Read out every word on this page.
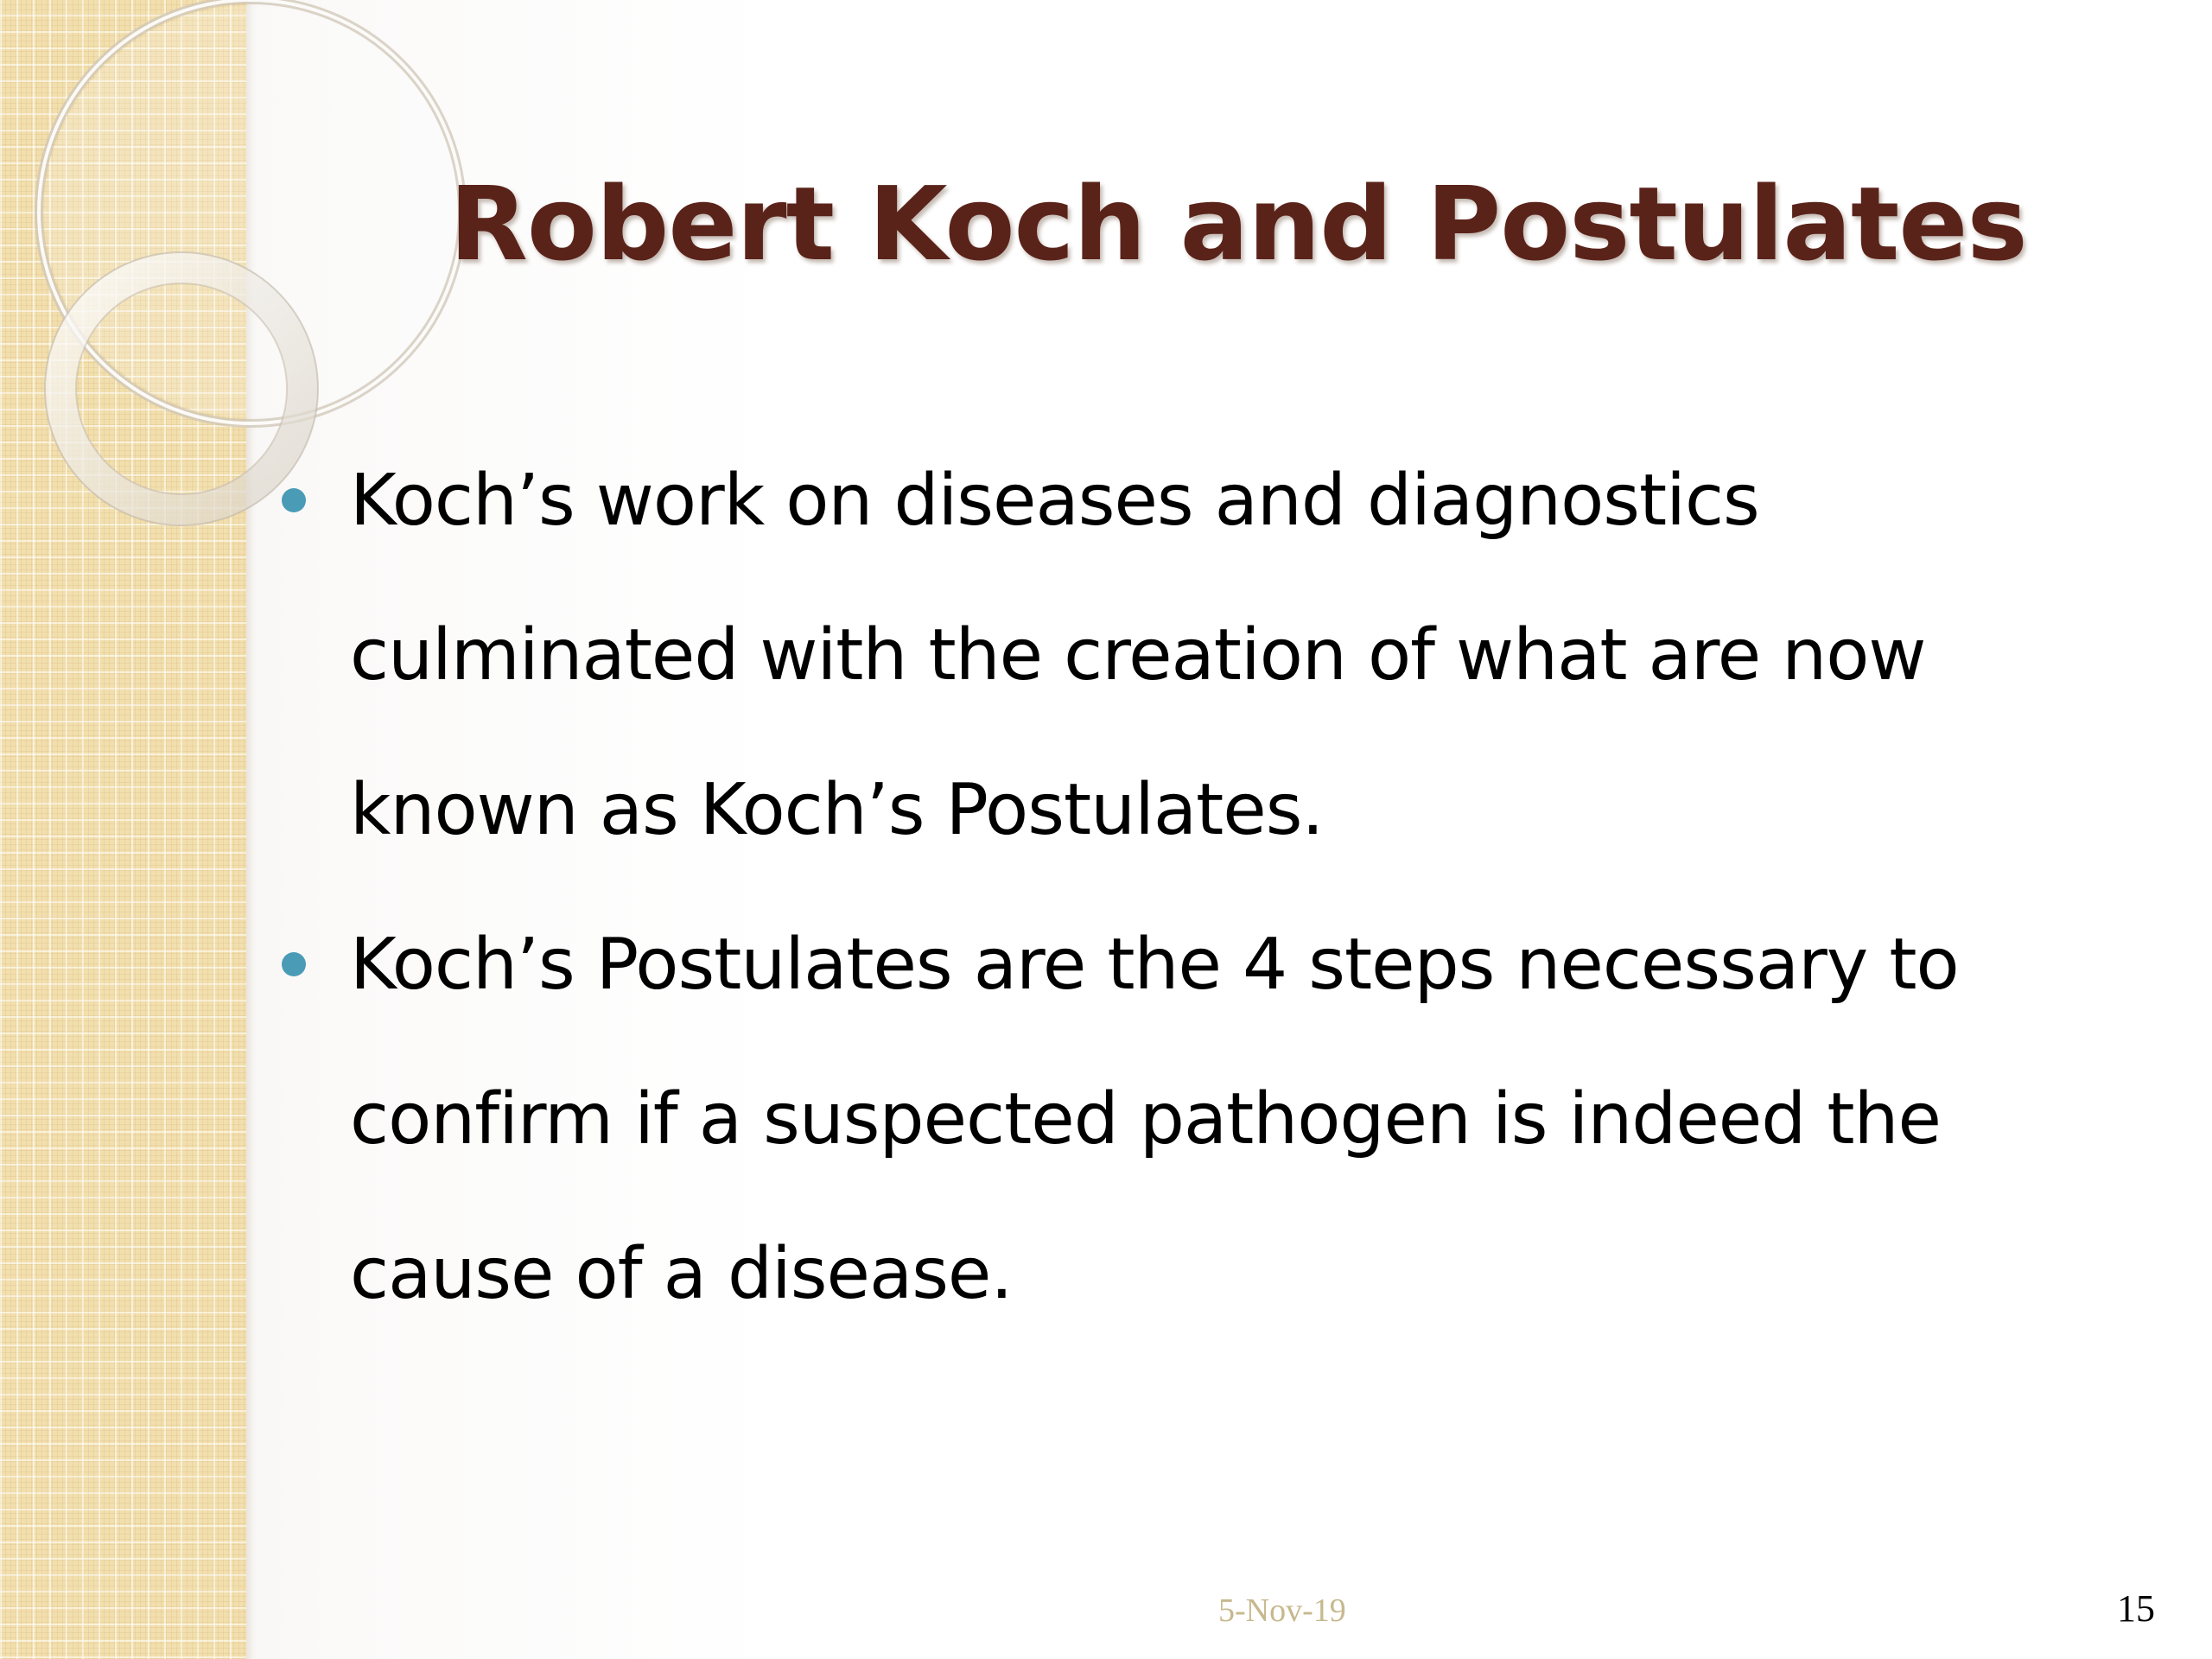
Robert Koch and Postulates
Koch’s work on diseases and diagnostics culminated with the creation of what are now known as Koch’s Postulates.
Koch’s Postulates are the 4 steps necessary to confirm if a suspected pathogen is indeed the cause of a disease.
5-Nov-19	15
